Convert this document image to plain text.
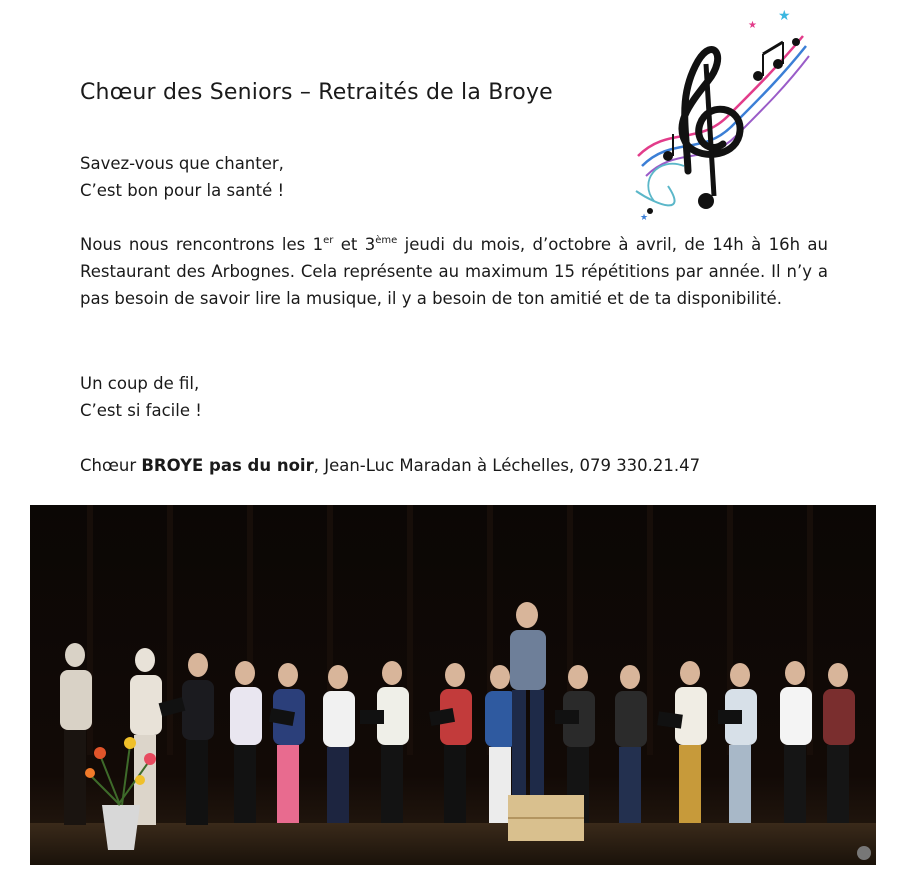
Chœur des Seniors – Retraités de la Broye
★
★
★
Savez-vous que chanter,
C’est bon pour la santé !
Nous nous rencontrons les 1er et 3ème jeudi du mois, d’octobre à avril, de 14h à 16h au Restaurant des Arbognes. Cela représente au maximum 15 répétitions par année. Il n’y a pas besoin de savoir lire la musique, il y a besoin de ton amitié et de ta disponibilité.
Un coup de fil,
C’est si facile !
Chœur BROYE pas du noir, Jean-Luc Maradan à Léchelles, 079 330.21.47
